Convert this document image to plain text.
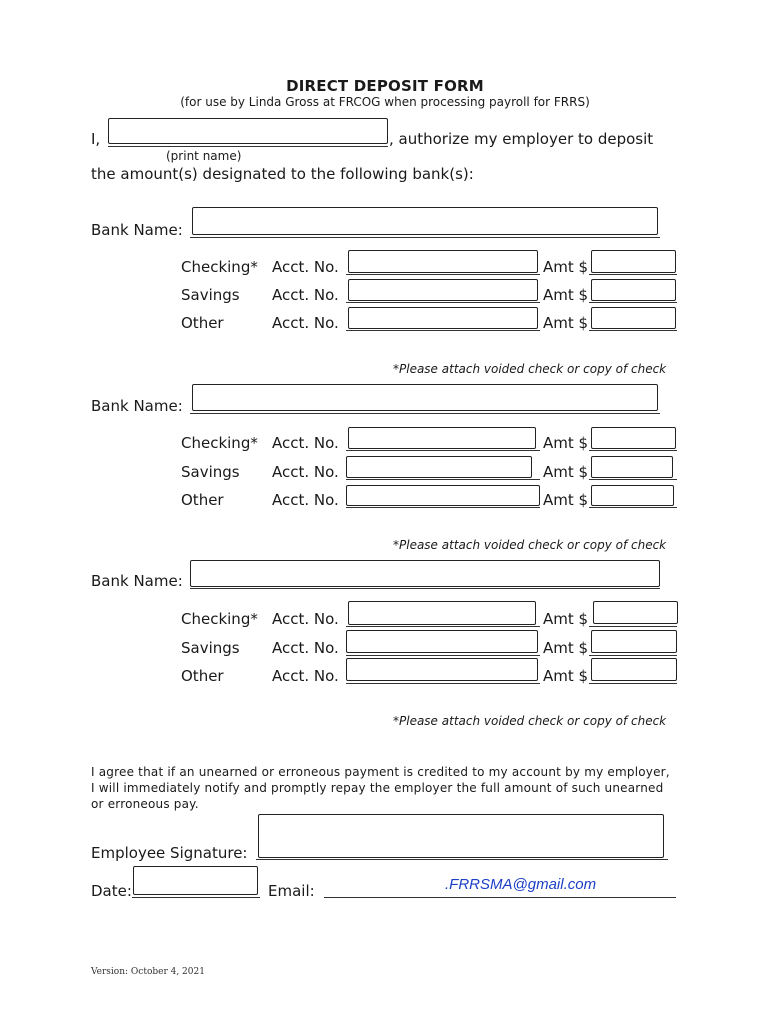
DIRECT DEPOSIT FORM
(for use by Linda Gross at FRCOG when processing payroll for FRRS)
I,	, authorize my employer to deposit
(print name)
the amount(s) designated to the following bank(s):
Bank Name:
Checking* Acct. No.	Amt $
Savings Acct. No.	Amt $
Other	Acct. No.	Amt $
*Please attach voided check or copy of check
Bank Name:
Checking* Acct. No.	Amt $
Savings Acct. No.	Amt $
Other	Acct. No.	Amt $
*Please attach voided check or copy of check
Bank Name:
Checking* Acct. No.	Amt $
Savings Acct. No.	Amt $
Other	Acct. No.	Amt $
*Please attach voided check or copy of check
I agree that if an unearned or erroneous payment is credited to my account by my employer, I will immediately notify and promptly repay the employer the full amount of such unearned or erroneous pay.
Employee Signature:
Date:	Email:	.FRRSMA@gmail.com
Version: October 4, 2021
